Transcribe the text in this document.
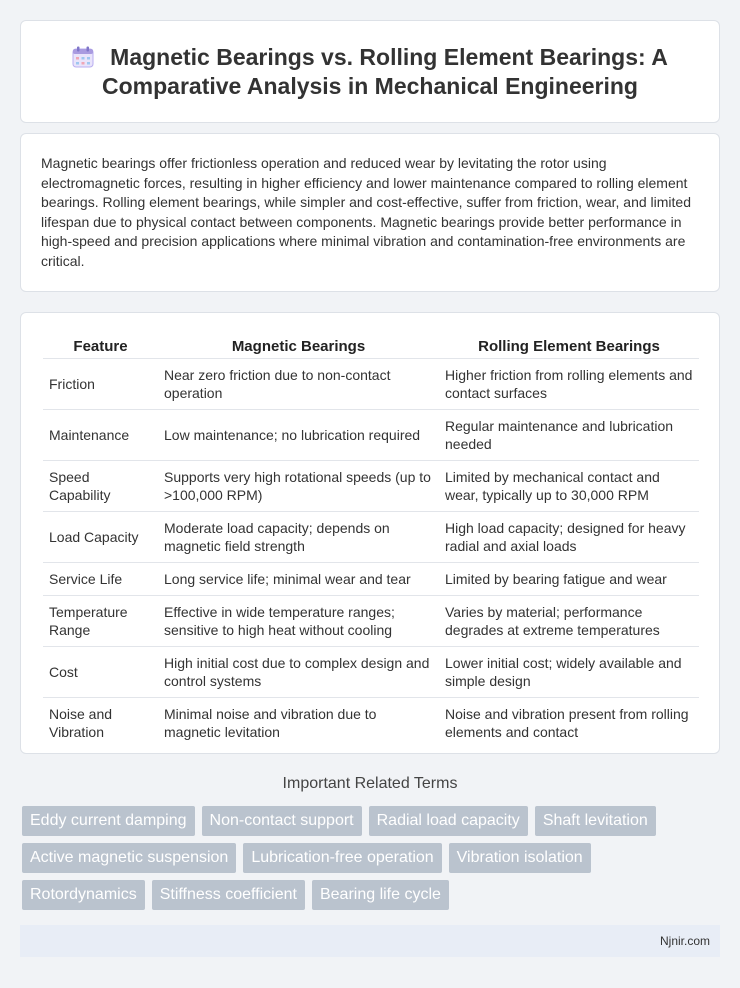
Magnetic Bearings vs. Rolling Element Bearings: A Comparative Analysis in Mechanical Engineering

Magnetic bearings offer frictionless operation and reduced wear by levitating the rotor using electromagnetic forces, resulting in higher efficiency and lower maintenance compared to rolling element bearings. Rolling element bearings, while simpler and cost-effective, suffer from friction, wear, and limited lifespan due to physical contact between components. Magnetic bearings provide better performance in high-speed and precision applications where minimal vibration and contamination-free environments are critical.

Feature	Magnetic Bearings	Rolling Element Bearings
Friction	Near zero friction due to non-contact operation	Higher friction from rolling elements and contact surfaces
Maintenance	Low maintenance; no lubrication required	Regular maintenance and lubrication needed
Speed Capability	Supports very high rotational speeds (up to >100,000 RPM)	Limited by mechanical contact and wear, typically up to 30,000 RPM
Load Capacity	Moderate load capacity; depends on magnetic field strength	High load capacity; designed for heavy radial and axial loads
Service Life	Long service life; minimal wear and tear	Limited by bearing fatigue and wear
Temperature Range	Effective in wide temperature ranges; sensitive to high heat without cooling	Varies by material; performance degrades at extreme temperatures
Cost	High initial cost due to complex design and control systems	Lower initial cost; widely available and simple design
Noise and Vibration	Minimal noise and vibration due to magnetic levitation	Noise and vibration present from rolling elements and contact
Important Related Terms
Eddy current damping	Non-contact support	Radial load capacity	Shaft levitation
Active magnetic suspension	Lubrication-free operation	Vibration isolation
Rotordynamics	Stiffness coefficient	Bearing life cycle
Njnir.com
